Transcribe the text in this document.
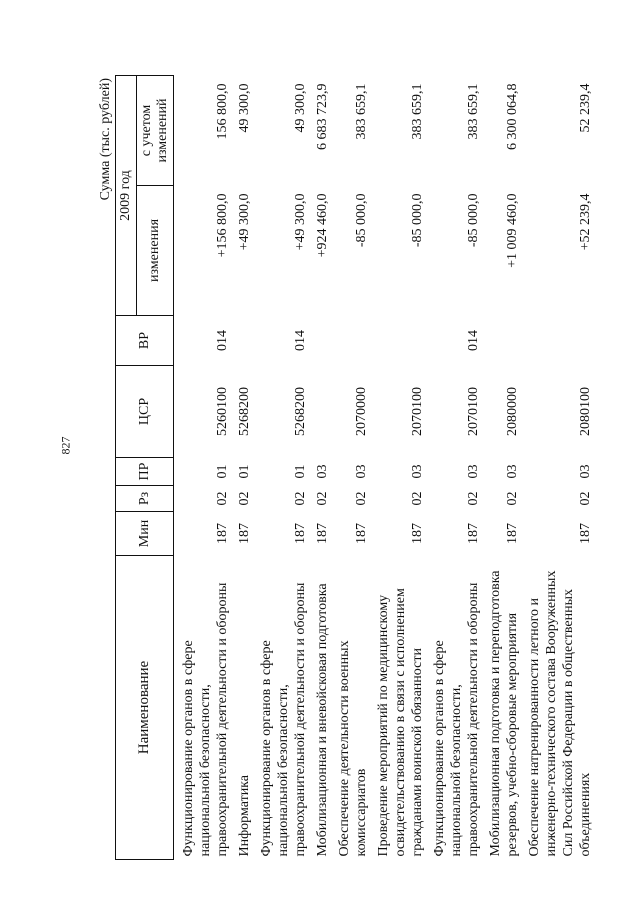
827
Сумма (тыс. рублей)
Наименование	Мин	Рз	ПР	ЦСР	ВР	2009 год	
						изменения	с учетом изменений

Функционирование органов в сфере национальной безопасности, правоохранительной деятельности и обороны	187	02	01	5260100	014	+156 800,0	156 800,0
Информатика	187	02	01	5268200		+49 300,0	49 300,0
Функционирование органов в сфере национальной безопасности, правоохранительной деятельности и обороны	187	02	01	5268200	014	+49 300,0	49 300,0
Мобилизационная и вневойсковая подготовка	187	02	03			+924 460,0	6 683 723,9
Обеспечение деятельности военных комиссариатов	187	02	03	2070000		-85 000,0	383 659,1
Проведение мероприятий по медицинскому освидетельствованию в связи с исполнением гражданами воинской обязанности	187	02	03	2070100		-85 000,0	383 659,1
Функционирование органов в сфере национальной безопасности, правоохранительной деятельности и обороны	187	02	03	2070100	014	-85 000,0	383 659,1
Мобилизационная подготовка и переподготовка резервов, учебно-сборовые мероприятия	187	02	03	2080000		+1 009 460,0	6 300 064,8
Обеспечение натренированности летного и инженерно-технического состава Вооруженных Сил Российской Федерации в общественных объединениях	187	02	03	2080100		+52 239,4	52 239,4
